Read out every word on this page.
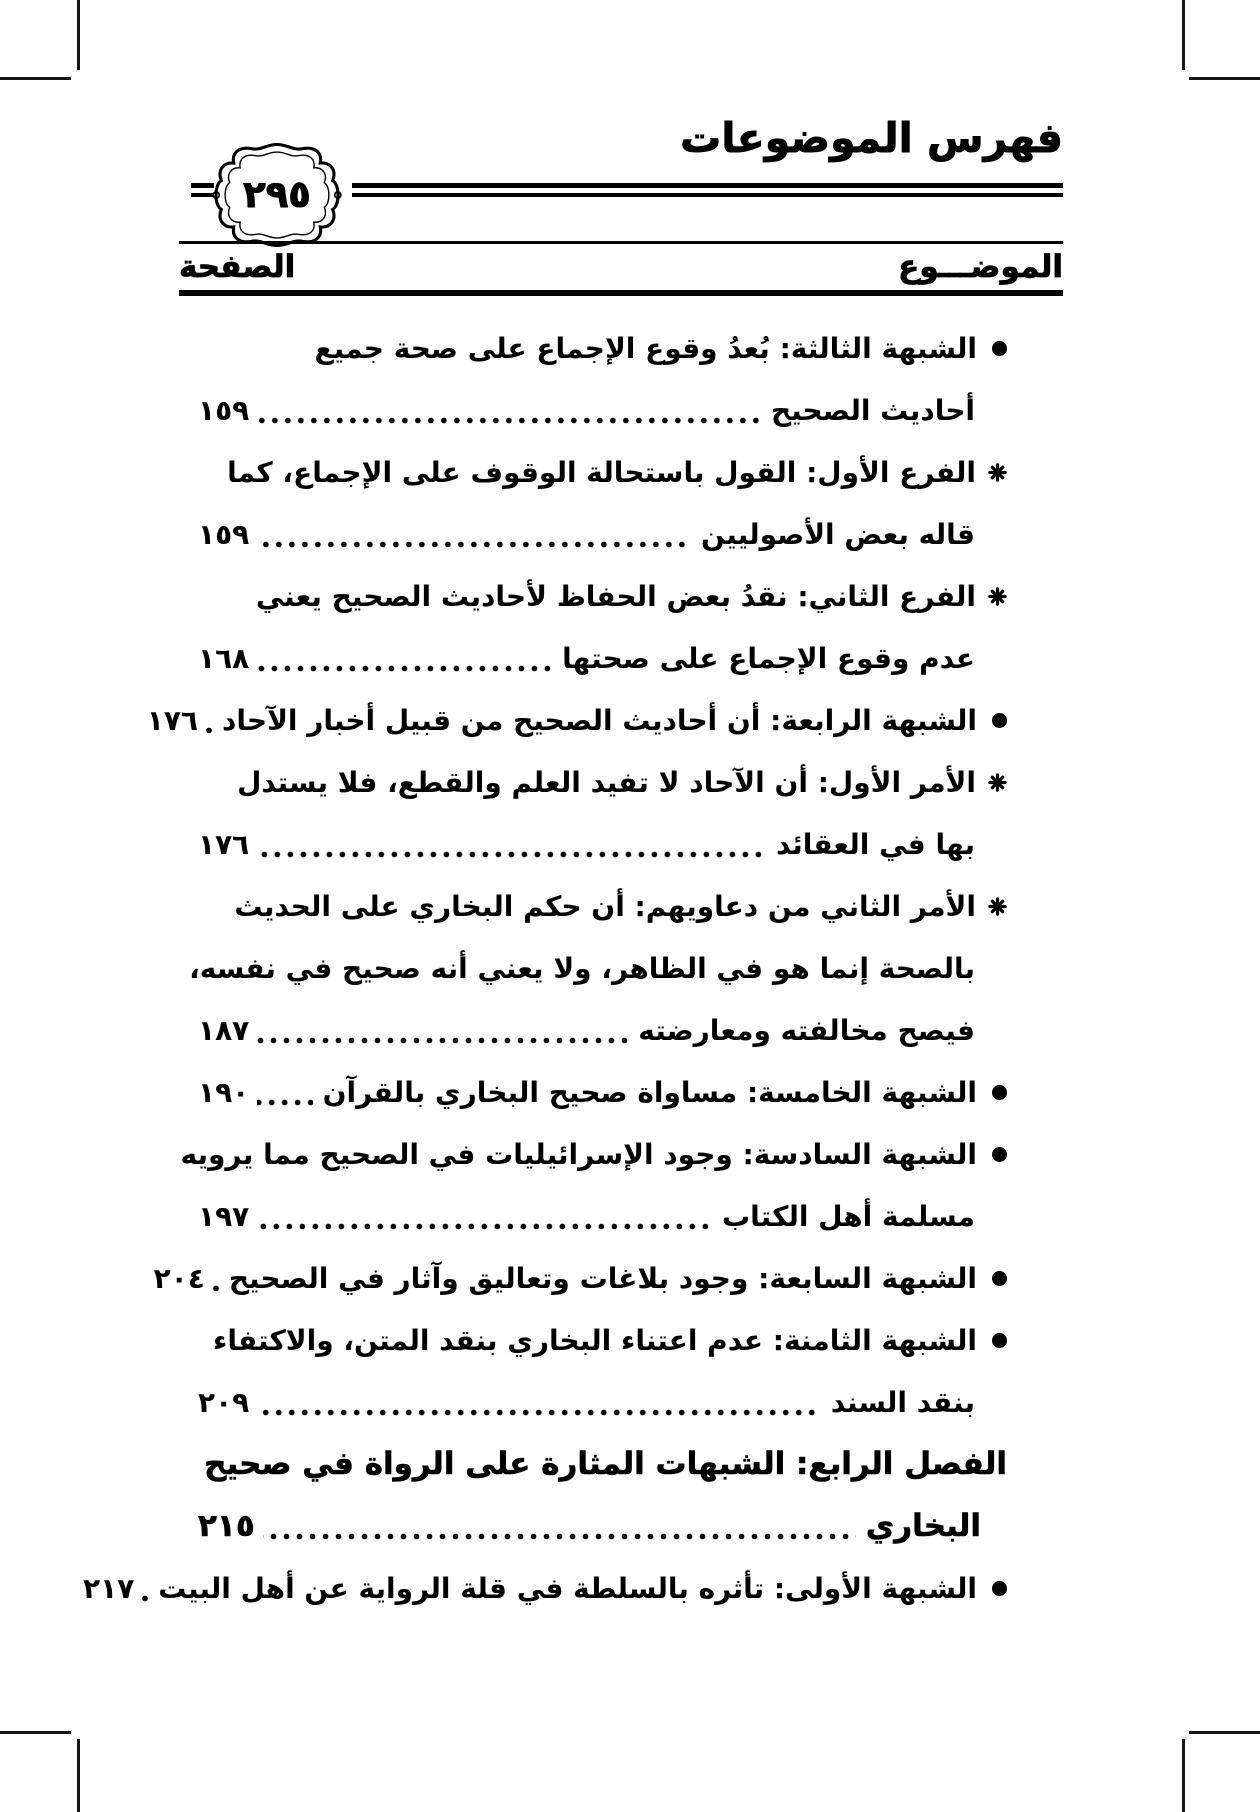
فهرس الموضوعات
٢٩٥
الموضـــوع
الصفحة
الشبهة الثالثة: بُعدُ وقوع الإجماع على صحة جميع
أحاديث الصحيح
١٥٩
الفرع الأول: القول باستحالة الوقوف على الإجماع، كما
قاله بعض الأصوليين
١٥٩
الفرع الثاني: نقدُ بعض الحفاظ لأحاديث الصحيح يعني
عدم وقوع الإجماع على صحتها
١٦٨
الشبهة الرابعة: أن أحاديث الصحيح من قبيل أخبار الآحاد
١٧٦
الأمر الأول: أن الآحاد لا تفيد العلم والقطع، فلا يستدل
بها في العقائد
١٧٦
الأمر الثاني من دعاويهم: أن حكم البخاري على الحديث
بالصحة إنما هو في الظاهر، ولا يعني أنه صحيح في نفسه،
فيصح مخالفته ومعارضته
١٨٧
الشبهة الخامسة: مساواة صحيح البخاري بالقرآن
١٩٠
الشبهة السادسة: وجود الإسرائيليات في الصحيح مما يرويه
مسلمة أهل الكتاب
١٩٧
الشبهة السابعة: وجود بلاغات وتعاليق وآثار في الصحيح
٢٠٤
الشبهة الثامنة: عدم اعتناء البخاري بنقد المتن، والاكتفاء
بنقد السند
٢٠٩
الفصل الرابع: الشبهات المثارة على الرواة في صحيح
البخاري
٢١٥
الشبهة الأولى: تأثره بالسلطة في قلة الرواية عن أهل البيت
٢١٧
